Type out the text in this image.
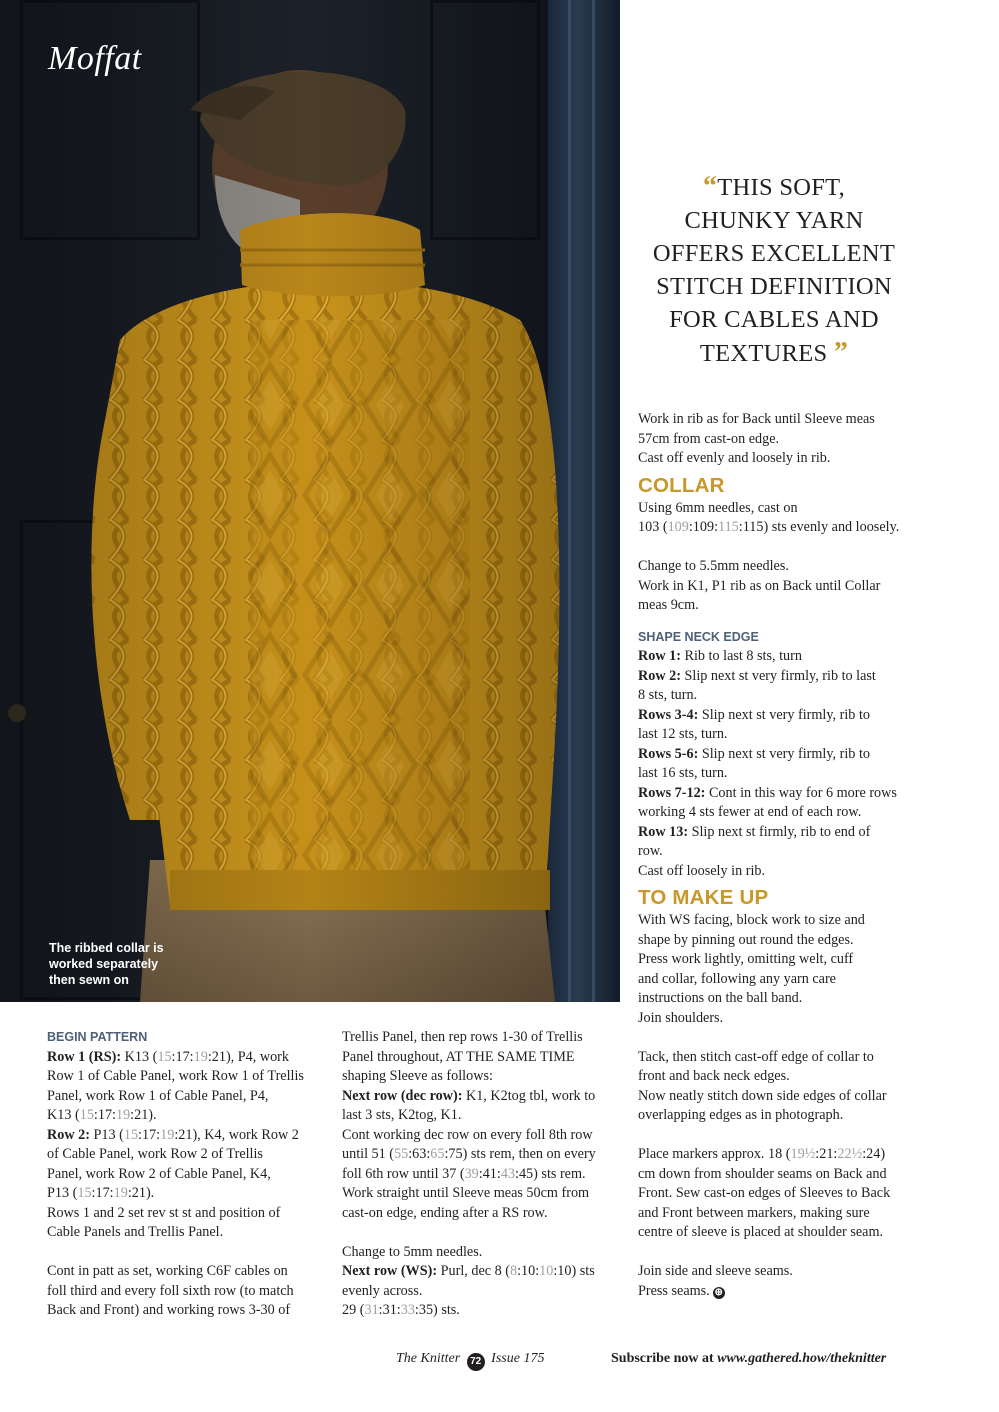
Moffat
The ribbed collar is
worked separately
then sewn on
“THIS SOFT,
CHUNKY YARN
OFFERS EXCELLENT
STITCH DEFINITION
FOR CABLES AND
TEXTURES ”
Work in rib as for Back until Sleeve meas
57cm from cast-on edge.
Cast off evenly and loosely in rib.
COLLAR
Using 6mm needles, cast on
103 (109:109:115:115) sts evenly and loosely.
Change to 5.5mm needles.
Work in K1, P1 rib as on Back until Collar
meas 9cm.
SHAPE NECK EDGE
Row 1: Rib to last 8 sts, turn
Row 2: Slip next st very firmly, rib to last
8 sts, turn.
Rows 3-4: Slip next st very firmly, rib to
last 12 sts, turn.
Rows 5-6: Slip next st very firmly, rib to
last 16 sts, turn.
Rows 7-12: Cont in this way for 6 more rows
working 4 sts fewer at end of each row.
Row 13: Slip next st firmly, rib to end of
row.
Cast off loosely in rib.
TO MAKE UP
With WS facing, block work to size and
shape by pinning out round the edges.
Press work lightly, omitting welt, cuff
and collar, following any yarn care
instructions on the ball band.
Join shoulders.
Tack, then stitch cast-off edge of collar to
front and back neck edges.
Now neatly stitch down side edges of collar
overlapping edges as in photograph.
Place markers approx. 18 (19½:21:22½:24)
cm down from shoulder seams on Back and
Front. Sew cast-on edges of Sleeves to Back
and Front between markers, making sure
centre of sleeve is placed at shoulder seam.
Join side and sleeve seams.
Press seams. ⊕
BEGIN PATTERN
Row 1 (RS): K13 (15:17:19:21), P4, work
Row 1 of Cable Panel, work Row 1 of Trellis
Panel, work Row 1 of Cable Panel, P4,
K13 (15:17:19:21).
Row 2: P13 (15:17:19:21), K4, work Row 2
of Cable Panel, work Row 2 of Trellis
Panel, work Row 2 of Cable Panel, K4,
P13 (15:17:19:21).
Rows 1 and 2 set rev st st and position of
Cable Panels and Trellis Panel.
Cont in patt as set, working C6F cables on
foll third and every foll sixth row (to match
Back and Front) and working rows 3-30 of
Trellis Panel, then rep rows 1-30 of Trellis
Panel throughout, AT THE SAME TIME
shaping Sleeve as follows:
Next row (dec row): K1, K2tog tbl, work to
last 3 sts, K2tog, K1.
Cont working dec row on every foll 8th row
until 51 (55:63:65:75) sts rem, then on every
foll 6th row until 37 (39:41:43:45) sts rem.
Work straight until Sleeve meas 50cm from
cast-on edge, ending after a RS row.
Change to 5mm needles.
Next row (WS): Purl, dec 8 (8:10:10:10) sts
evenly across.
29 (31:31:33:35) sts.
The Knitter 72 Issue 175	Subscribe now at www.gathered.how/theknitter
